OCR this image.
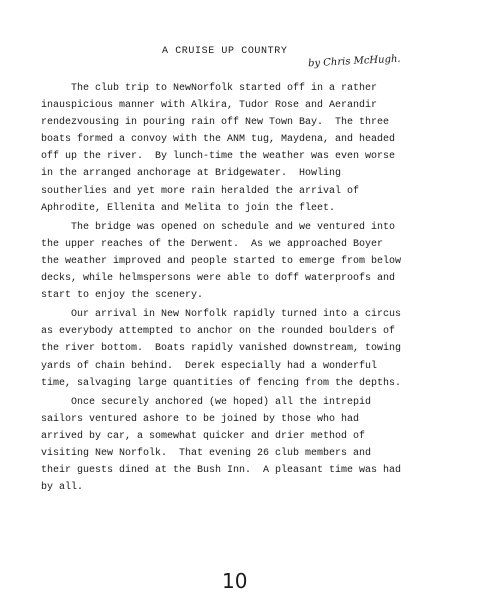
A CRUISE UP COUNTRY
by Chris McHugh.
The club trip to NewNorfolk started off in a rather
inauspicious manner with Alkira, Tudor Rose and Aerandir
rendezvousing in pouring rain off New Town Bay.  The three
boats formed a convoy with the ANM tug, Maydena, and headed
off up the river.  By lunch-time the weather was even worse
in the arranged anchorage at Bridgewater.  Howling
southerlies and yet more rain heralded the arrival of
Aphrodite, Ellenita and Melita to join the fleet.
The bridge was opened on schedule and we ventured into
the upper reaches of the Derwent.  As we approached Boyer
the weather improved and people started to emerge from below
decks, while helmspersons were able to doff waterproofs and
start to enjoy the scenery.
Our arrival in New Norfolk rapidly turned into a circus
as everybody attempted to anchor on the rounded boulders of
the river bottom.  Boats rapidly vanished downstream, towing
yards of chain behind.  Derek especially had a wonderful
time, salvaging large quantities of fencing from the depths.
Once securely anchored (we hoped) all the intrepid
sailors ventured ashore to be joined by those who had
arrived by car, a somewhat quicker and drier method of
visiting New Norfolk.  That evening 26 club members and
their guests dined at the Bush Inn.  A pleasant time was had
by all.
10
